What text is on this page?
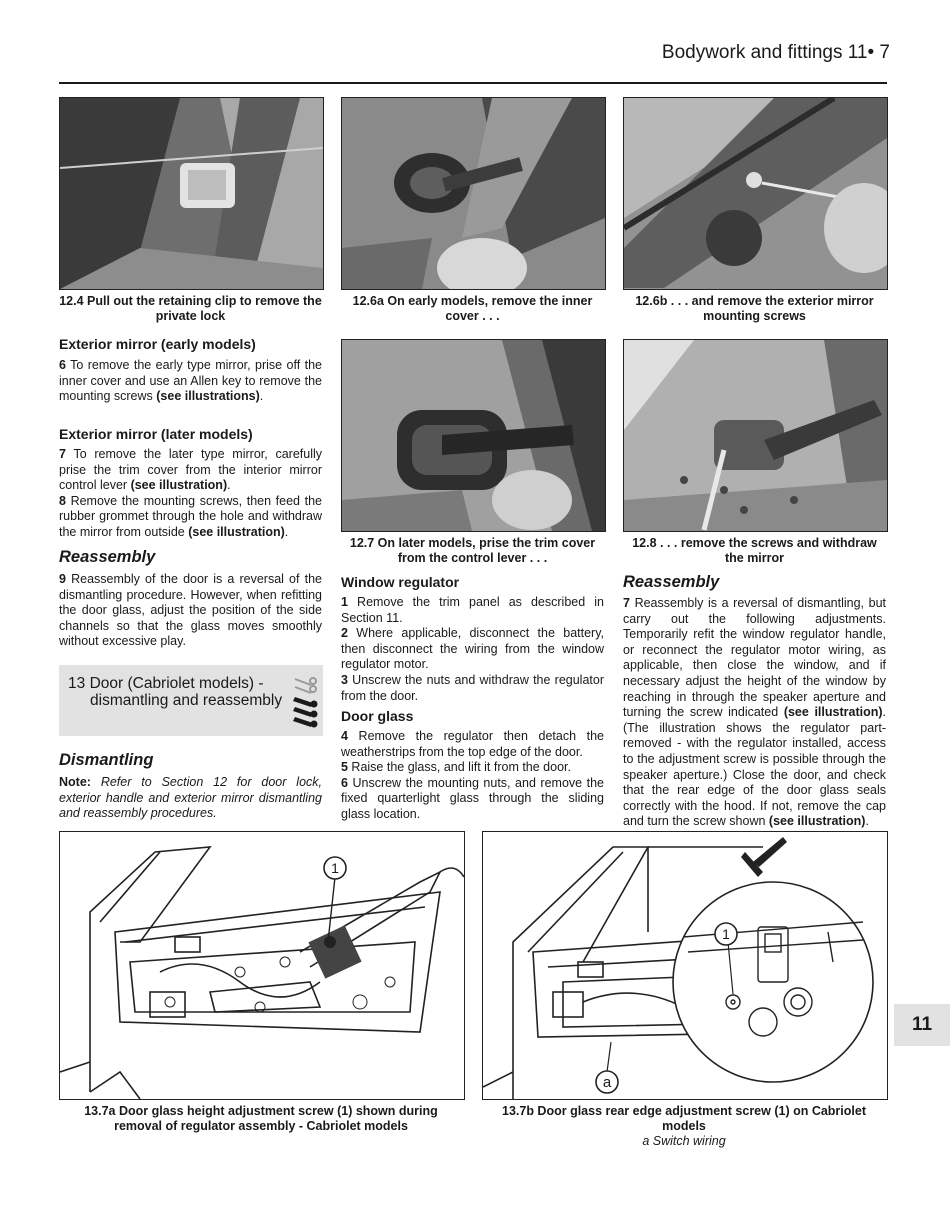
Bodywork and fittings 11• 7
12.4 Pull out the retaining clip to remove the private lock
12.6a On early models, remove the inner cover . . .
12.6b . . . and remove the exterior mirror mounting screws
12.7 On later models, prise the trim cover from the control lever . . .
12.8 . . . remove the screws and withdraw the mirror
Exterior mirror (early models)

6 To remove the early type mirror, prise off the inner cover and use an Allen key to remove the mounting screws (see illustrations).

Exterior mirror (later models)

7 To remove the later type mirror, carefully prise the trim cover from the interior mirror control lever (see illustration).

8 Remove the mounting screws, then feed the rubber grommet through the hole and withdraw the mirror from outside (see illustration).

Reassembly

9 Reassembly of the door is a reversal of the dismantling procedure. However, when refitting the door glass, adjust the position of the side channels so that the glass moves smoothly without excessive play.

13 Door (Cabriolet models) -
dismantling and reassembly
Dismantling

Note: Refer to Section 12 for door lock, exterior handle and exterior mirror dismantling and reassembly procedures.

Window regulator

1 Remove the trim panel as described in Section 11.

2 Where applicable, disconnect the battery, then disconnect the wiring from the window regulator motor.

3 Unscrew the nuts and withdraw the regulator from the door.

Door glass

4 Remove the regulator then detach the weatherstrips from the top edge of the door.

5 Raise the glass, and lift it from the door.

6 Unscrew the mounting nuts, and remove the fixed quarterlight glass through the sliding glass location.

Reassembly

7 Reassembly is a reversal of dismantling, but carry out the following adjustments. Temporarily refit the window regulator handle, or reconnect the regulator motor wiring, as applicable, then close the window, and if necessary adjust the height of the window by reaching in through the speaker aperture and turning the screw indicated (see illustration). (The illustration shows the regulator part-removed - with the regulator installed, access to the adjustment screw is possible through the speaker aperture.) Close the door, and check that the rear edge of the door glass seals correctly with the hood. If not, remove the cap and turn the screw shown (see illustration).

1
1
a
13.7a Door glass height adjustment screw (1) shown during removal of regulator assembly - Cabriolet models
13.7b Door glass rear edge adjustment screw (1) on Cabriolet models
a Switch wiring
11
